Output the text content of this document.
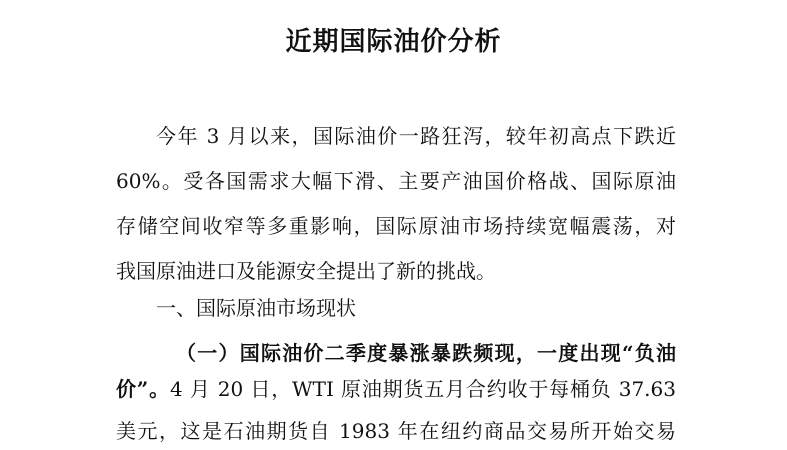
近期国际油价分析

今年 3 月以来，国际油价一路狂泻，较年初高点下跌近

60%。受各国需求大幅下滑、主要产油国价格战、国际原油

存储空间收窄等多重影响，国际原油市场持续宽幅震荡，对

我国原油进口及能源安全提出了新的挑战。

一、国际原油市场现状

（一）国际油价二季度暴涨暴跌频现，一度出现“负油

价”。4 月 20 日，WTI 原油期货五月合约收于每桶负 37.63

美元，这是石油期货自 1983 年在纽约商品交易所开始交易
